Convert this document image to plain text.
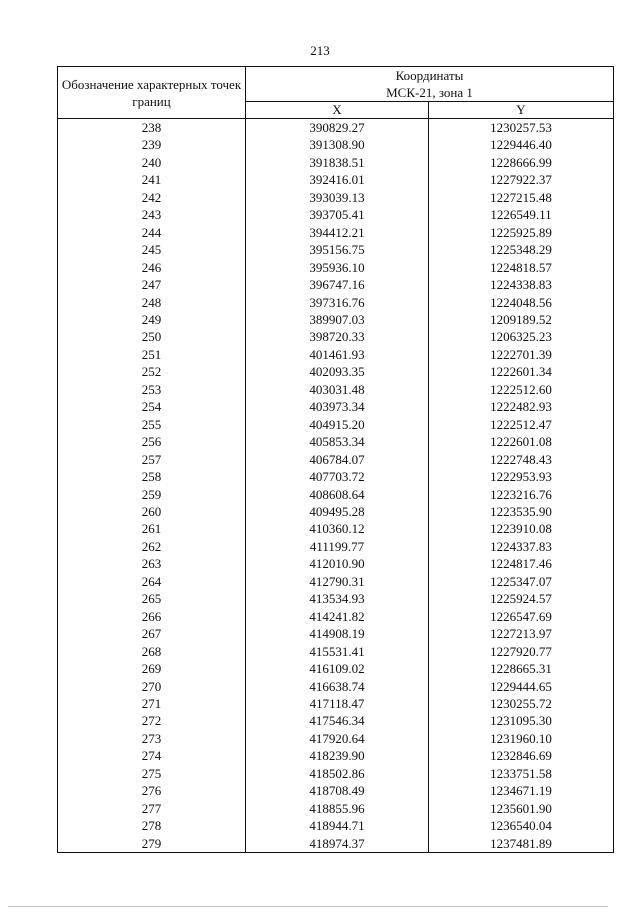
213
Обозначение характерных точек границ	Координаты
МСК-21, зона 1	
	X	Y
238	390829.27	1230257.53
239	391308.90	1229446.40
240	391838.51	1228666.99
241	392416.01	1227922.37
242	393039.13	1227215.48
243	393705.41	1226549.11
244	394412.21	1225925.89
245	395156.75	1225348.29
246	395936.10	1224818.57
247	396747.16	1224338.83
248	397316.76	1224048.56
249	389907.03	1209189.52
250	398720.33	1206325.23
251	401461.93	1222701.39
252	402093.35	1222601.34
253	403031.48	1222512.60
254	403973.34	1222482.93
255	404915.20	1222512.47
256	405853.34	1222601.08
257	406784.07	1222748.43
258	407703.72	1222953.93
259	408608.64	1223216.76
260	409495.28	1223535.90
261	410360.12	1223910.08
262	411199.77	1224337.83
263	412010.90	1224817.46
264	412790.31	1225347.07
265	413534.93	1225924.57
266	414241.82	1226547.69
267	414908.19	1227213.97
268	415531.41	1227920.77
269	416109.02	1228665.31
270	416638.74	1229444.65
271	417118.47	1230255.72
272	417546.34	1231095.30
273	417920.64	1231960.10
274	418239.90	1232846.69
275	418502.86	1233751.58
276	418708.49	1234671.19
277	418855.96	1235601.90
278	418944.71	1236540.04
279	418974.37	1237481.89
